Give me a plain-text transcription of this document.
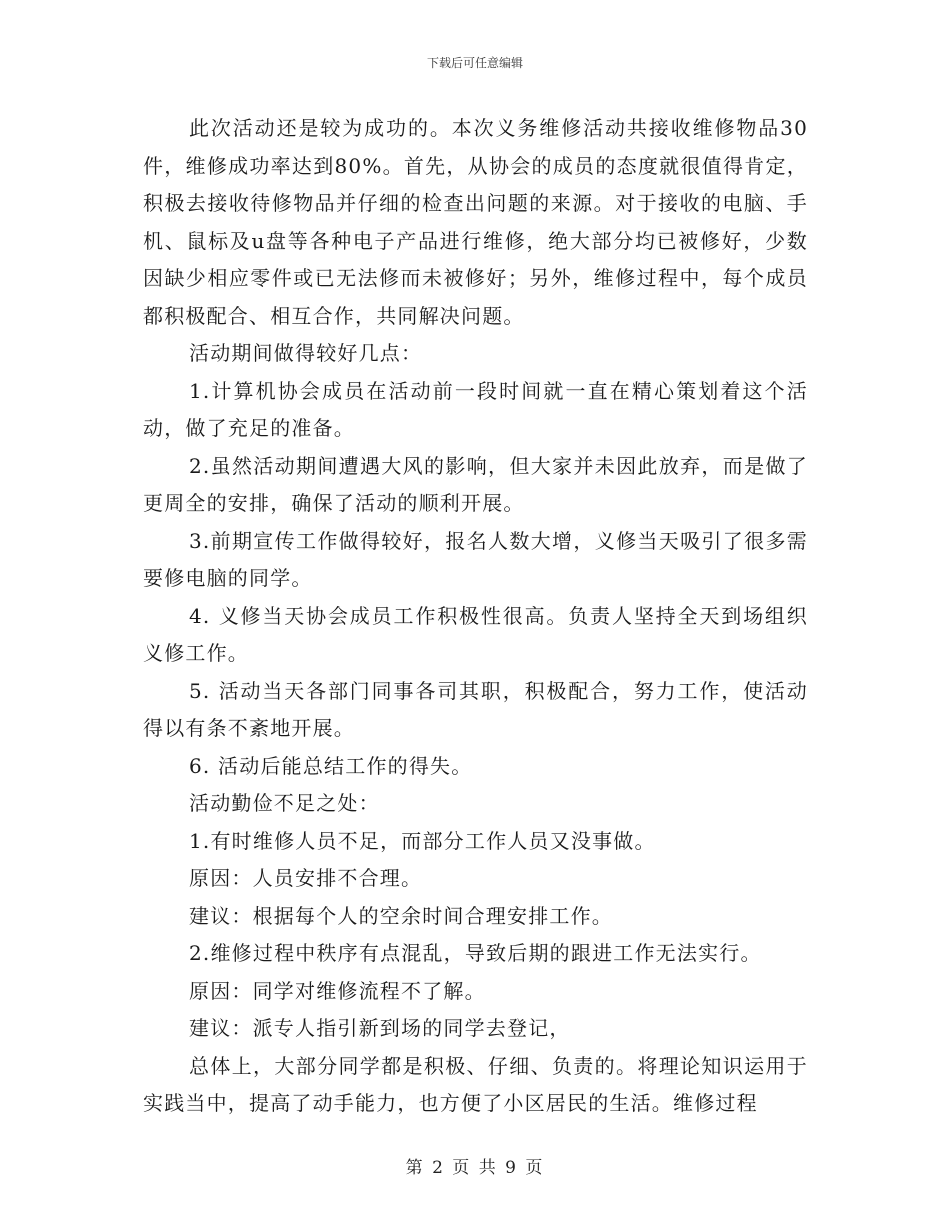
下载后可任意编辑

此次活动还是较为成功的。本次义务维修活动共接收维修物品30件，维修成功率达到80%。首先，从协会的成员的态度就很值得肯定，积极去接收待修物品并仔细的检查出问题的来源。对于接收的电脑、手机、鼠标及u盘等各种电子产品进行维修，绝大部分均已被修好，少数因缺少相应零件或已无法修而未被修好；另外，维修过程中，每个成员都积极配合、相互合作，共同解决问题。

活动期间做得较好几点：

1.计算机协会成员在活动前一段时间就一直在精心策划着这个活动，做了充足的准备。

2.虽然活动期间遭遇大风的影响，但大家并未因此放弃，而是做了更周全的安排，确保了活动的顺利开展。

3.前期宣传工作做得较好，报名人数大增，义修当天吸引了很多需要修电脑的同学。

4. 义修当天协会成员工作积极性很高。负责人坚持全天到场组织义修工作。

5. 活动当天各部门同事各司其职，积极配合，努力工作，使活动得以有条不紊地开展。

6. 活动后能总结工作的得失。

活动勤俭不足之处：

1.有时维修人员不足，而部分工作人员又没事做。

原因：人员安排不合理。

建议：根据每个人的空余时间合理安排工作。

2.维修过程中秩序有点混乱，导致后期的跟进工作无法实行。

原因：同学对维修流程不了解。

建议：派专人指引新到场的同学去登记，

总体上，大部分同学都是积极、仔细、负责的。将理论知识运用于实践当中，提高了动手能力，也方便了小区居民的生活。维修过程

第 2 页 共 9 页
